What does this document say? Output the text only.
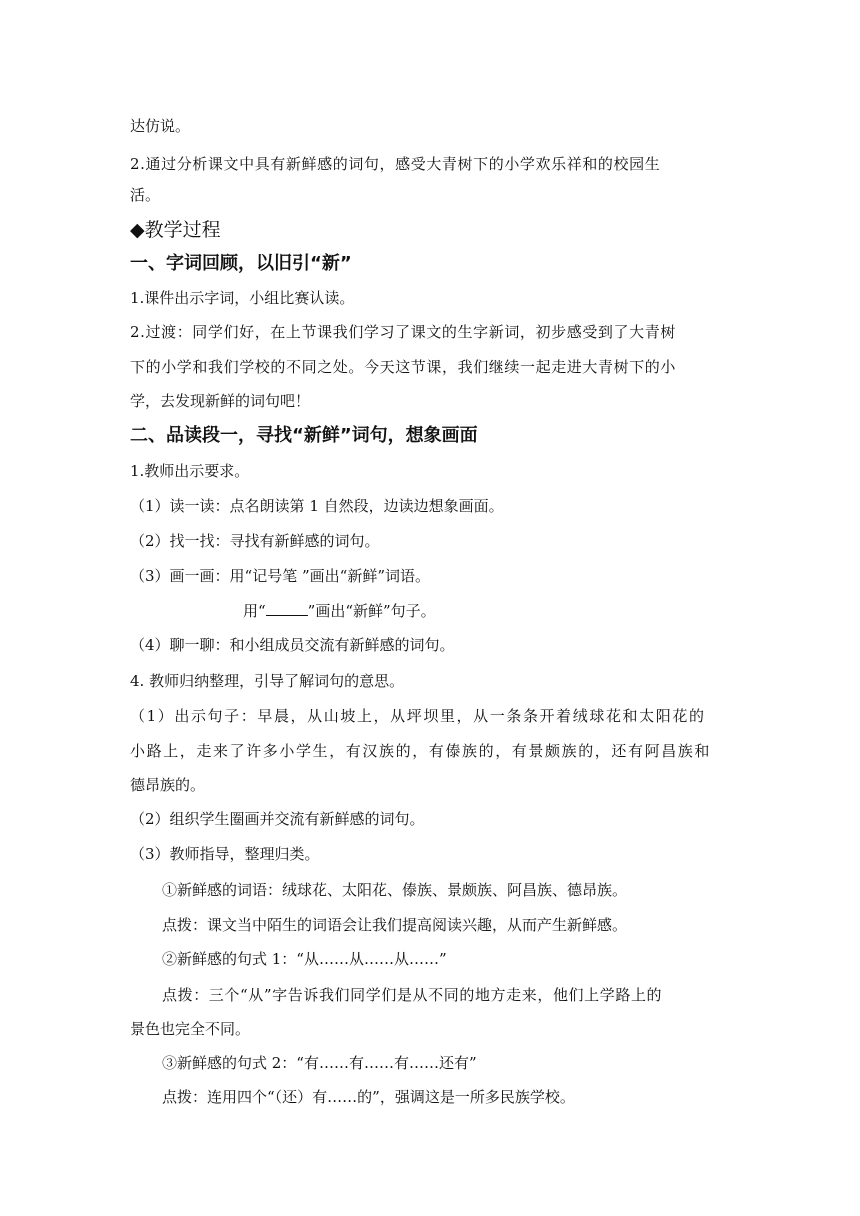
达仿说。
2.通过分析课文中具有新鲜感的词句，感受大青树下的小学欢乐祥和的校园生
活。
◆教学过程
一、字词回顾，以旧引“新”
1.课件出示字词，小组比赛认读。
2.过渡：同学们好，在上节课我们学习了课文的生字新词，初步感受到了大青树
下的小学和我们学校的不同之处。今天这节课，我们继续一起走进大青树下的小
学，去发现新鲜的词句吧！
二、品读段一，寻找“新鲜”词句，想象画面
1.教师出示要求。
（1）读一读：点名朗读第 1 自然段，边读边想象画面。
（2）找一找：寻找有新鲜感的词句。
（3）画一画：用“记号笔 ”画出“新鲜”词语。
用“	”画出“新鲜”句子。
（4）聊一聊：和小组成员交流有新鲜感的词句。
4. 教师归纳整理，引导了解词句的意思。
（1）出示句子：早晨，从山坡上，从坪坝里，从一条条开着绒球花和太阳花的
小路上，走来了许多小学生，有汉族的，有傣族的，有景颇族的，还有阿昌族和
德昂族的。
（2）组织学生圈画并交流有新鲜感的词句。
（3）教师指导，整理归类。
①新鲜感的词语：绒球花、太阳花、傣族、景颇族、阿昌族、德昂族。
点拨：课文当中陌生的词语会让我们提高阅读兴趣，从而产生新鲜感。
②新鲜感的句式 1：“从……从……从……”
点拨：三个“从”字告诉我们同学们是从不同的地方走来，他们上学路上的
景色也完全不同。
③新鲜感的句式 2：“有……有……有……还有”
点拨：连用四个“（还）有……的”，强调这是一所多民族学校。
